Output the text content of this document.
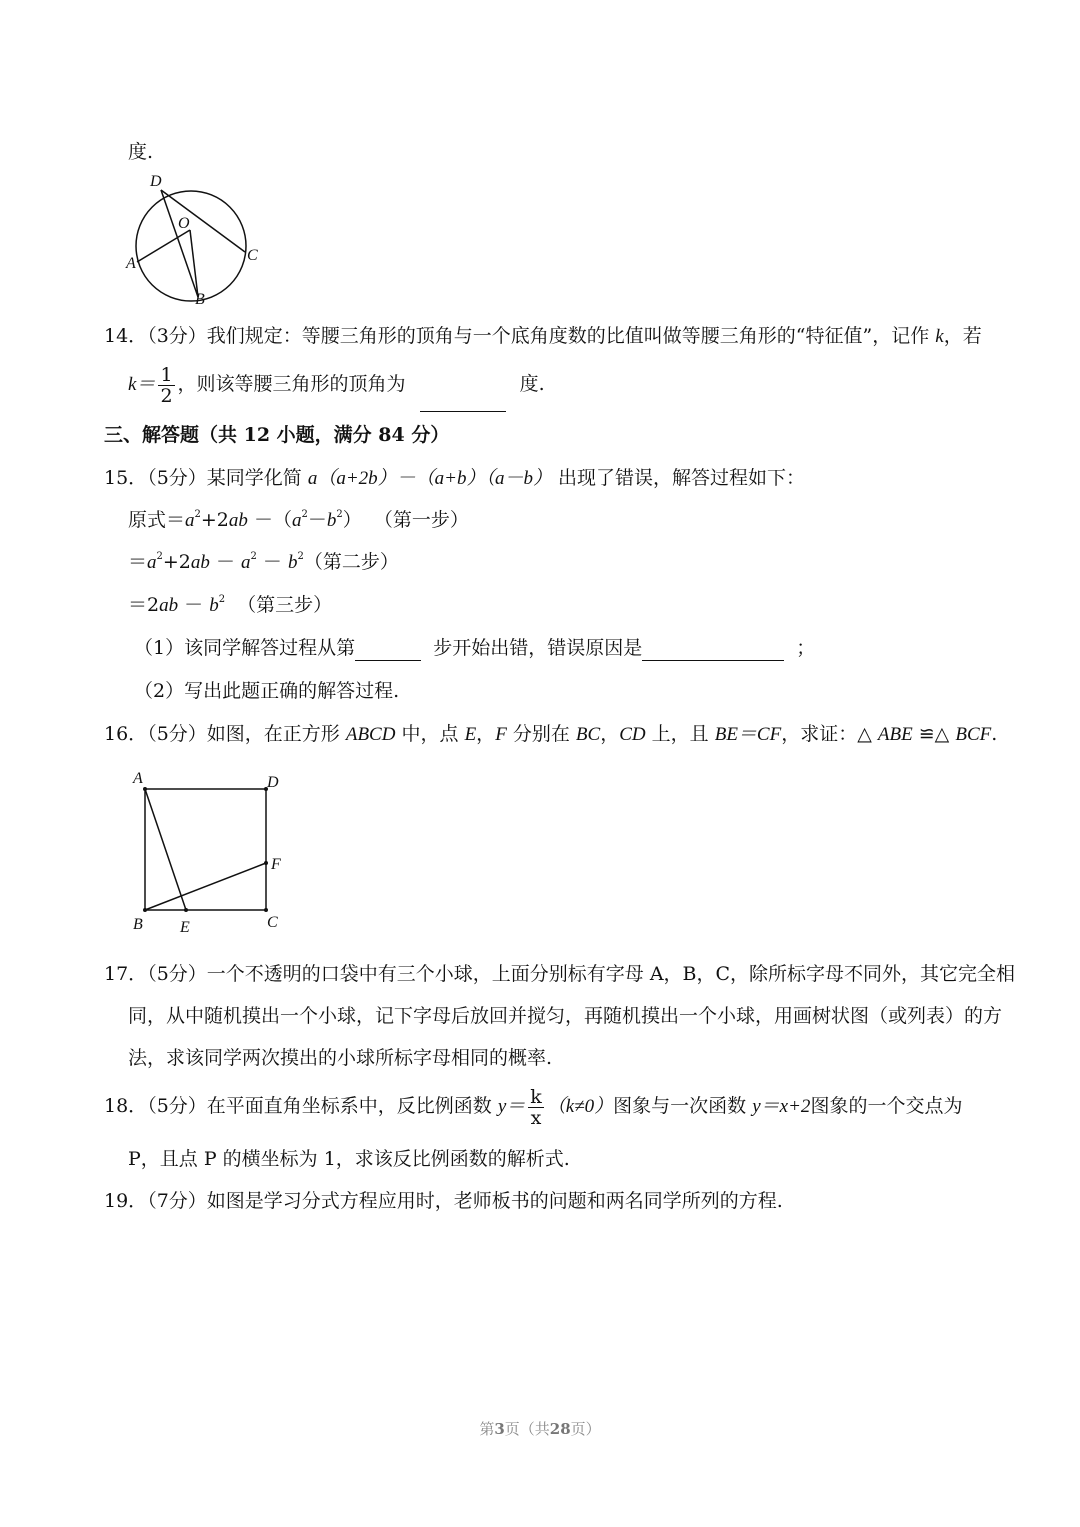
度.
D
O
A	C
B
14．（3分）我们规定：等腰三角形的顶角与一个底角度数的比值叫做等腰三角形的“特征值”，记作 k，若
$k= \frac{1}{2}$ ，则该等腰三角形的顶角为	度.
三、解答题（共 12 小题，满分 84 分）
15．（5分）某同学化简 a（a+2b）－（a+b）（a－b） 出现了错误，解答过程如下：
原式$=a^2+2ab -(a^2-b^2)$  （第一步）
$=a^2+2ab - a^2 - b^2$（第二步）
$=2ab - b^2$ （第三步）
（1）该同学解答过程从第	步开始出错，错误原因是	；
（2）写出此题正确的解答过程.
16．（5分）如图，在正方形 ABCD 中，点 E，F 分别在 BC，CD 上，且 BE＝CF，求证：△ ABE ≌△ BCF.
A	D
F
B E	C
17．（5分）一个不透明的口袋中有三个小球，上面分别标有字母 A，B，C，除所标字母不同外，其它完全相
同，从中随机摸出一个小球，记下字母后放回并搅匀，再随机摸出一个小球，用画树状图（或列表）的方
法，求该同学两次摸出的小球所标字母相同的概率.
18．（5分）在平面直角坐标系中，反比例函数 $y= \frac{k}{x} (k\ne 0)$图象与一次函数 y＝x+2图象的一个交点为
P，且点 P 的横坐标为 1，求该反比例函数的解析式.
19．（7分）如图是学习分式方程应用时，老师板书的问题和两名同学所列的方程.
第3页（共28页）
